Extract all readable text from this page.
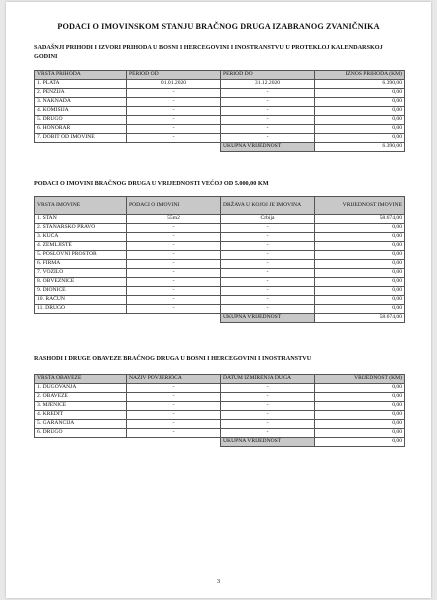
PODACI O IMOVINSKOM STANJU BRAČNOG DRUGA IZABRANOG ZVANIČNIKA
SADAŠNJI PRIHODI I IZVORI PRIHODA U BOSNI I HERCEGOVINI I INOSTRANSTVU U PROTEKLOJ KALENDARSKOJ GODINI
VRSTA PRIHODA	PERIOD OD	PERIOD DO	IZNOS PRIHODA (KM)
1. PLATA	01.01.2020	31.12.2020	6.390,00
2. PENZIJA	-	-	0,00
3. NAKNADA	-	-	0,00
4. KOMISIJA	-	-	0,00
5. DRUGO	-	-	0,00
6. HONORAR	-	-	0,00
7. DOBIT OD IMOVINE	-	-	0,00
		UKUPNA VRIJEDNOST	6.390,00
PODACI O IMOVINI BRAČNOG DRUGA U VRIJEDNOSTI VEĆOJ OD 5.000,00 KM
VRSTA IMOVINE	PODACI O IMOVINI	DRŽAVA U KOJOJ JE IMOVINA	VRIJEDNOST IMOVINE
1. STAN	55m2	Crbija	58.674,00
2. STANARSKO PRAVO	-	-	0,00
3. KUĆA	-	-	0,00
4. ZEMLJIŠTE	-	-	0,00
5. POSLOVNI PROSTOR	-	-	0,00
6. FIRMA	-	-	0,00
7. VOZILO	-	-	0,00
8. OBVEZNICE	-	-	0,00
9. DIONICE	-	-	0,00
10. RAČUN	-	-	0,00
11. DRUGO	-	-	0,00
		UKUPNA VRIJEDNOST	58.674,00
RASHODI I DRUGE OBAVEZE BRAČNOG DRUGA U BOSNI I HERCEGOVINI I INOSTRANSTVU
VRSTA OBAVEZE	NAZIV POVJERIOCA	DATUM IZMIRENJA DUGA	VRIJEDNOST (KM)
1. DUGOVANJA	-	-	0,00
2. OBAVEZE	-	-	0,00
3. MJENICE	-	-	0,00
4. KREDIT	-	-	0,00
5. GARANCIJA	-	-	0,00
6. DRUGO	-	-	0,00
		UKUPNA VRIJEDNOST	0,00
3
